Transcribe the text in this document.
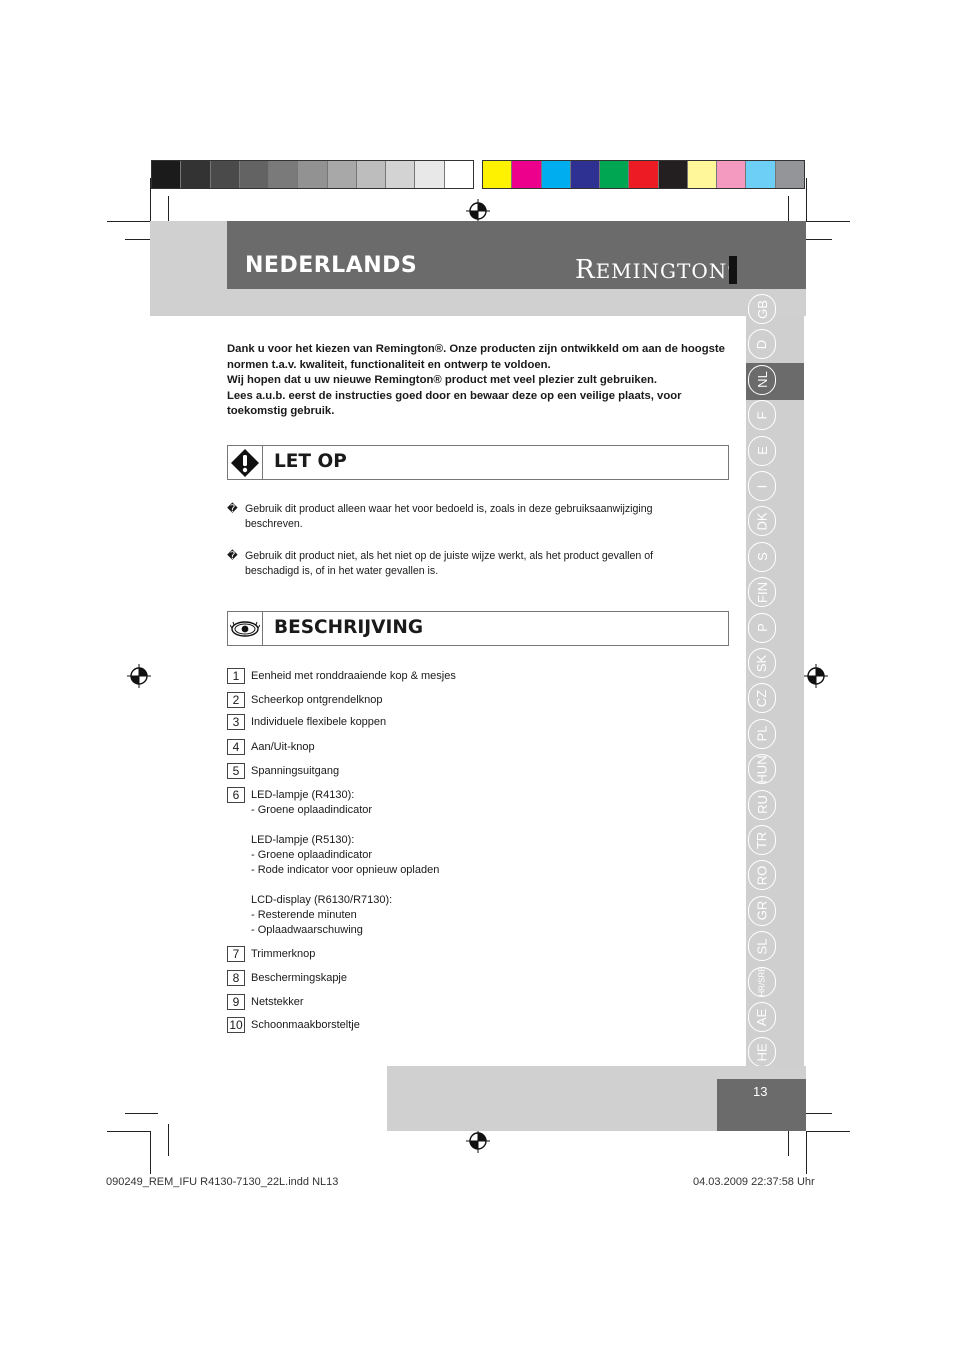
NEDERLANDS	REMINGTON
GB
D
NL
F
E
I
DK
S
FIN
P
SK
CZ
PL
HUN
RU
TR
RO
GR
SL
HR/SRB
AE
HE

Dank u voor het kiezen van Remington®. Onze producten zijn ontwikkeld om aan de hoogste normen t.a.v. kwaliteit, functionaliteit en ontwerp te voldoen.

Wij hopen dat u uw nieuwe Remington® product met veel plezier zult gebruiken.

Lees a.u.b. eerst de instructies goed door en bewaar deze op een veilige plaats, voor toekomstig gebruik.

LET OP
� Gebruik dit product alleen waar het voor bedoeld is, zoals in deze gebruiksaanwijziging beschreven.
� Gebruik dit product niet, als het niet op de juiste wijze werkt, als het product gevallen of beschadigd is, of in het water gevallen is.
BESCHRIJVING
1	Eenheid met ronddraaiende kop & mesjes
2	Scheerkop ontgrendelknop
3	Individuele flexibele koppen
4	Aan/Uit-knop
5	Spanningsuitgang
6	LED-lampje (R4130):
- Groene oplaadindicator

LED-lampje (R5130):
- Groene oplaadindicator
- Rode indicator voor opnieuw opladen

LCD-display (R6130/R7130):
- Resterende minuten
- Oplaadwaarschuwing
7	Trimmerknop
8	Beschermingskapje
9	Netstekker
10 Schoonmaakborsteltje
13
090249_REM_IFU R4130-7130_22L.indd NL13	04.03.2009 22:37:58 Uhr
